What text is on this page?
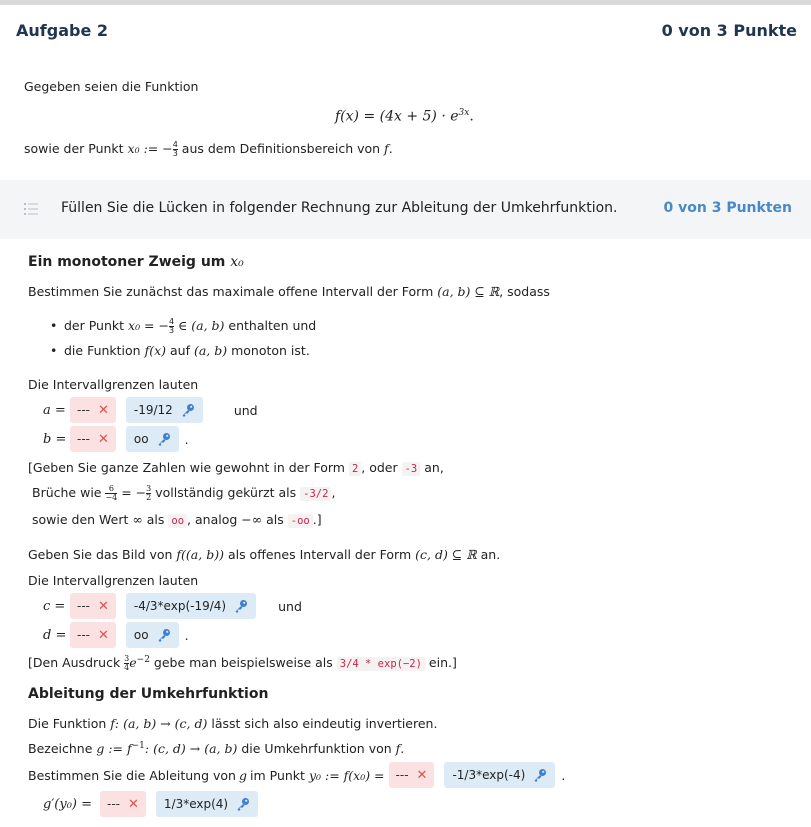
Aufgabe 2	0 von 3 Punkte
Gegeben seien die Funktion
$f(x) = (4x + 5) \cdot e^{3x}$.
sowie der Punkt x₀ := − $\frac{4}{3}$ aus dem Definitionsbereich von f.
Füllen Sie die Lücken in folgender Rechnung zur Ableitung der Umkehrfunktion.	0 von 3 Punkten
Ein monotoner Zweig um x₀
Bestimmen Sie zunächst das maximale offene Intervall der Form (a, b) ⊆ ℝ, sodass
• der Punkt x₀ = − $\frac{4}{3}$ ∈ (a, b) enthalten und
• die Funktion f(x) auf (a, b) monoton ist.
Die Intervallgrenzen lauten
a = --- ✕ -19/12	und
b = --- ✕ oo	.
[Geben Sie ganze Zahlen wie gewohnt in der Form 2 , oder -3 an,
Brüche wie $\frac{6}{-4}$ = − $\frac{3}{2}$ vollständig gekürzt als -3/2 ,
sowie den Wert ∞ als oo , analog −∞ als -oo .]
Geben Sie das Bild von f((a, b)) als offenes Intervall der Form (c, d) ⊆ ℝ an.
Die Intervallgrenzen lauten
c = --- ✕ -4/3*exp(-19/4)	und
d = --- ✕ oo	.
[Den Ausdruck $\frac{3}{4} e^{-2}$ gebe man beispielsweise als 3/4 * exp(−2) ein.]
Ableitung der Umkehrfunktion
Die Funktion f: (a, b) → (c, d) lässt sich also eindeutig invertieren.
Bezeichne g := $f^{-1}$: (c, d) → (a, b) die Umkehrfunktion von f.
Bestimmen Sie die Ableitung von g im Punkt y₀ := f(x₀) = --- ✕ -1/3*exp(-4)	.
g′(y₀) =	--- ✕ 1/3*exp(4)
